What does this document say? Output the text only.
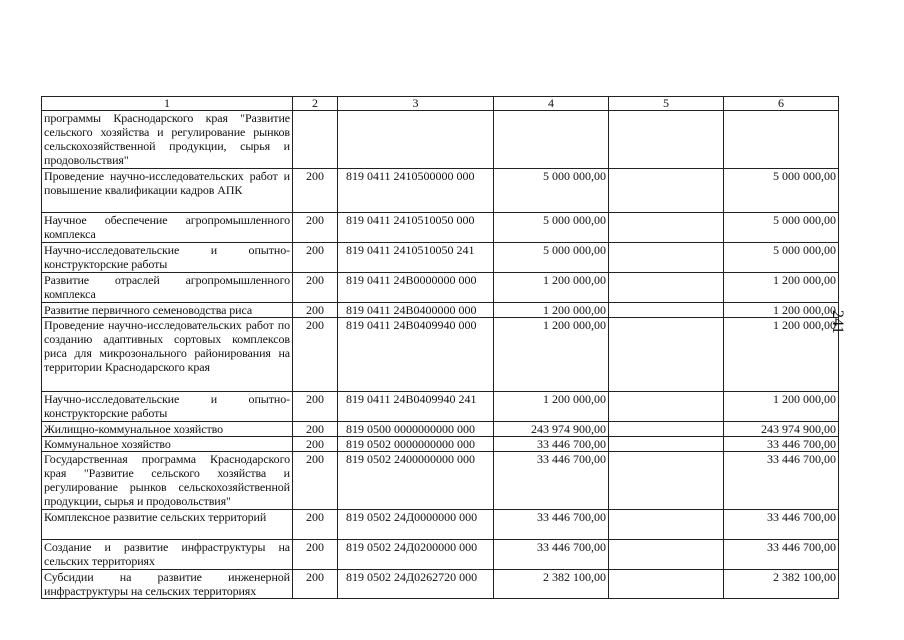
1	2	3	4	5	6
программы Краснодарского края "Развитие сельского хозяйства и регулирование рынков сельскохозяйственной продукции, сырья и продовольствия"					
Проведение научно-исследовательских работ и повышение квалификации кадров АПК	200	819 0411 2410500000 000	5 000 000,00		5 000 000,00
Научное обеспечение агропромышленного комплекса	200	819 0411 2410510050 000	5 000 000,00		5 000 000,00
Научно-исследовательские и опытно-конструкторские работы	200	819 0411 2410510050 241	5 000 000,00		5 000 000,00
Развитие отраслей агропромышленного комплекса	200	819 0411 24В0000000 000	1 200 000,00		1 200 000,00
Развитие первичного семеноводства риса	200	819 0411 24В0400000 000	1 200 000,00		1 200 000,00
Проведение научно-исследовательских работ по созданию адаптивных сортовых комплексов риса для микрозонального районирования на территории Краснодарского края	200	819 0411 24В0409940 000	1 200 000,00		1 200 000,00
Научно-исследовательские и опытно-конструкторские работы	200	819 0411 24В0409940 241	1 200 000,00		1 200 000,00
Жилищно-коммунальное хозяйство	200	819 0500 0000000000 000	243 974 900,00		243 974 900,00
Коммунальное хозяйство	200	819 0502 0000000000 000	33 446 700,00		33 446 700,00
Государственная программа Краснодарского края "Развитие сельского хозяйства и регулирование рынков сельскохозяйственной продукции, сырья и продовольствия"	200	819 0502 2400000000 000	33 446 700,00		33 446 700,00
Комплексное развитие сельских территорий	200	819 0502 24Д0000000 000	33 446 700,00		33 446 700,00
Создание и развитие инфраструктуры на сельских территориях	200	819 0502 24Д0200000 000	33 446 700,00		33 446 700,00
Субсидии на развитие инженерной инфраструктуры на сельских территориях	200	819 0502 24Д0262720 000	2 382 100,00		2 382 100,00
241
